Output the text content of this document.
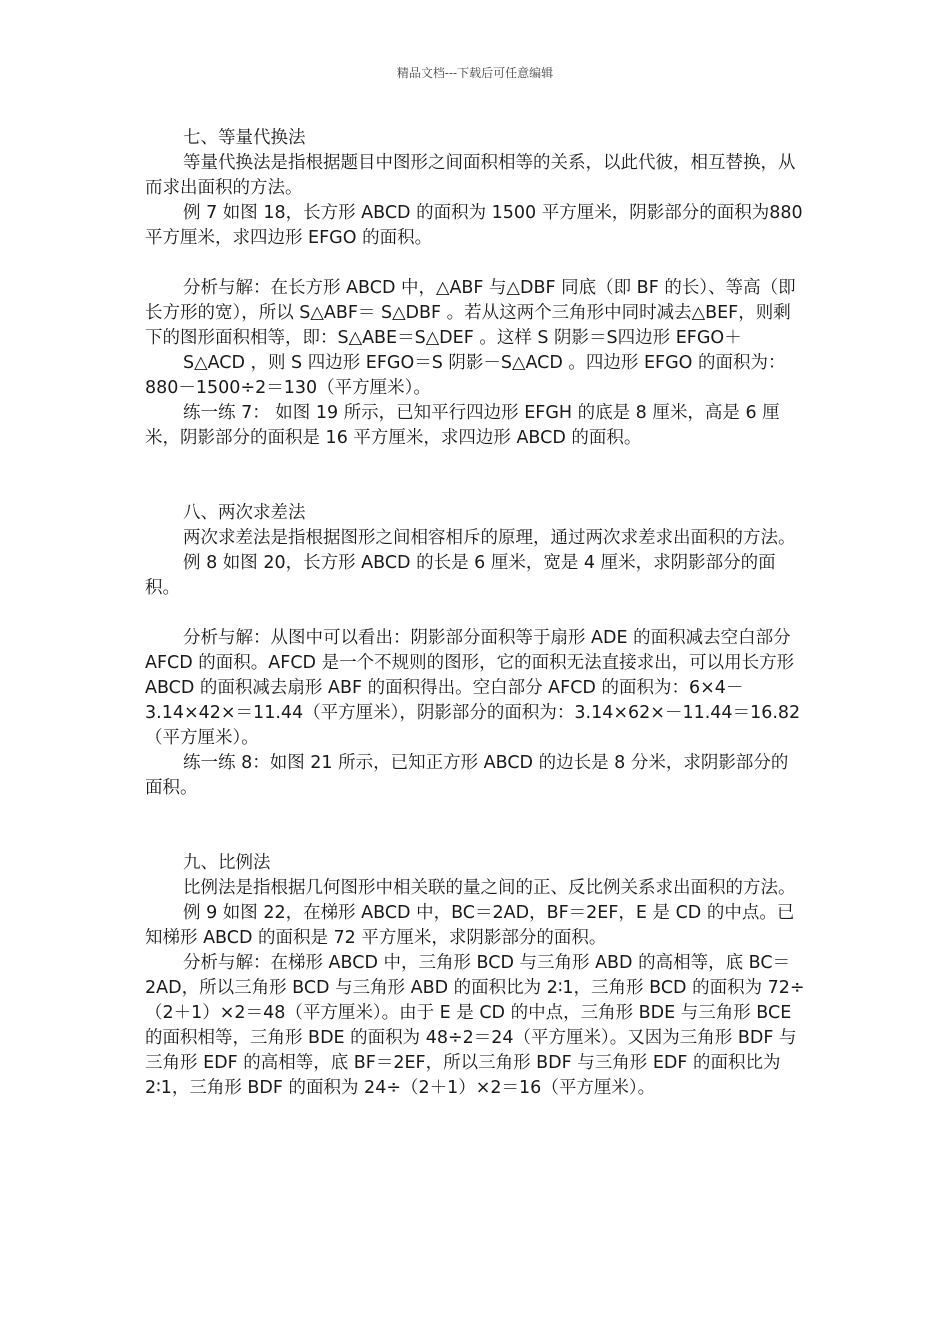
精品文档---下载后可任意编辑

七、等量代换法

等量代换法是指根据题目中图形之间面积相等的关系，以此代彼，相互替换，从而求出面积的方法。

例 7 如图 18，长方形 ABCD 的面积为 1500 平方厘米，阴影部分的面积为880 平方厘米，求四边形 EFGO 的面积。

分析与解：在长方形 ABCD 中，△ABF 与△DBF 同底（即 BF 的长）、等高（即长方形的宽），所以 S△ABF＝ S△DBF 。若从这两个三角形中同时减去△BEF，则剩下的图形面积相等，即：S△ABE＝S△DEF 。这样 S 阴影＝S四边形 EFGO＋

S△ACD ，则 S 四边形 EFGO＝S 阴影－S△ACD 。四边形 EFGO 的面积为：880－1500÷2＝130（平方厘米）。

练一练 7： 如图 19 所示，已知平行四边形 EFGH 的底是 8 厘米，高是 6 厘米，阴影部分的面积是 16 平方厘米，求四边形 ABCD 的面积。

八、两次求差法

两次求差法是指根据图形之间相容相斥的原理，通过两次求差求出面积的方法。

例 8 如图 20，长方形 ABCD 的长是 6 厘米，宽是 4 厘米，求阴影部分的面积。

分析与解：从图中可以看出：阴影部分面积等于扇形 ADE 的面积减去空白部分 AFCD 的面积。AFCD 是一个不规则的图形，它的面积无法直接求出，可以用长方形 ABCD 的面积减去扇形 ABF 的面积得出。空白部分 AFCD 的面积为：6×4－3.14×42×＝11.44（平方厘米），阴影部分的面积为：3.14×62×－11.44＝16.82（平方厘米）。

练一练 8：如图 21 所示，已知正方形 ABCD 的边长是 8 分米，求阴影部分的面积。

九、比例法

比例法是指根据几何图形中相关联的量之间的正、反比例关系求出面积的方法。

例 9 如图 22，在梯形 ABCD 中，BC＝2AD，BF＝2EF，E 是 CD 的中点。已知梯形 ABCD 的面积是 72 平方厘米，求阴影部分的面积。

分析与解：在梯形 ABCD 中，三角形 BCD 与三角形 ABD 的高相等，底 BC＝2AD，所以三角形 BCD 与三角形 ABD 的面积比为 2∶1，三角形 BCD 的面积为 72÷（2＋1）×2＝48（平方厘米）。由于 E 是 CD 的中点，三角形 BDE 与三角形 BCE 的面积相等，三角形 BDE 的面积为 48÷2＝24（平方厘米）。又因为三角形 BDF 与三角形 EDF 的高相等，底 BF＝2EF，所以三角形 BDF 与三角形 EDF 的面积比为 2∶1，三角形 BDF 的面积为 24÷（2＋1）×2＝16（平方厘米）。
